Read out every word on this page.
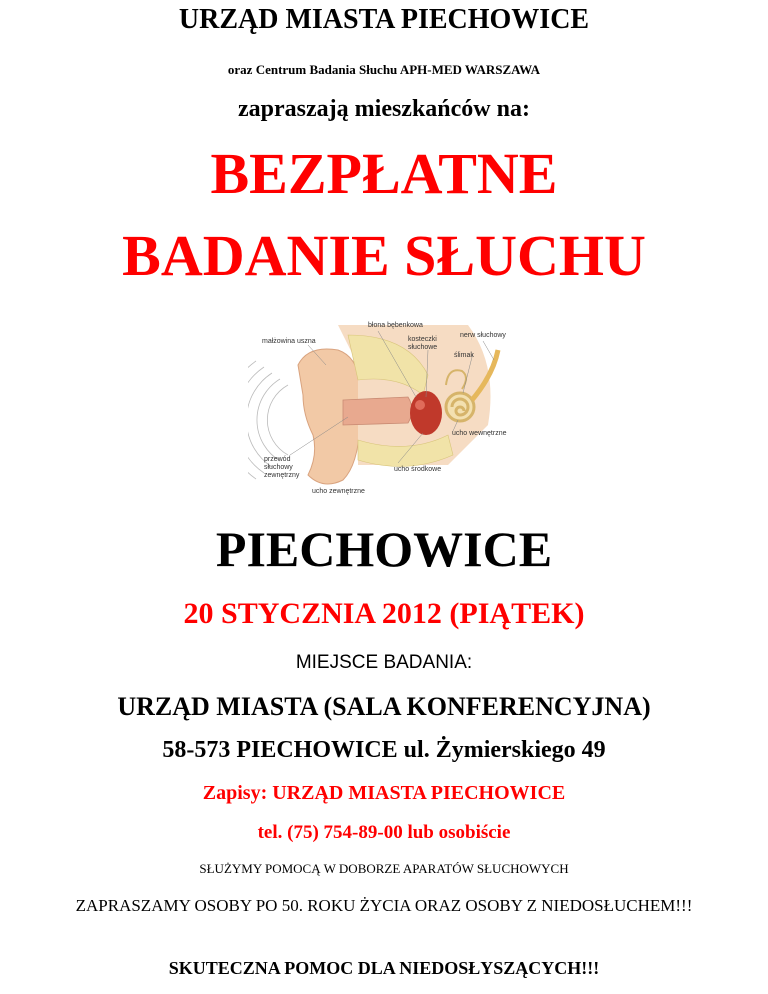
URZĄD MIASTA PIECHOWICE
oraz Centrum Badania Słuchu APH-MED WARSZAWA
zapraszają mieszkańców na:
BEZPŁATNE
BADANIE SŁUCHU
błona bębenkowa
małżowina uszna	kosteczki
słuchowe
nerw słuchowy
ślimak
ucho wewnętrzne
przewód
słuchowy
zewnętrzny
ucho środkowe
ucho zewnętrzne
PIECHOWICE
20 STYCZNIA 2012 (PIĄTEK)
MIEJSCE BADANIA:
URZĄD MIASTA (SALA KONFERENCYJNA)
58-573 PIECHOWICE ul. Żymierskiego 49
Zapisy: URZĄD MIASTA PIECHOWICE
tel. (75) 754-89-00 lub osobiście
SŁUŻYMY POMOCĄ W DOBORZE APARATÓW SŁUCHOWYCH
ZAPRASZAMY OSOBY PO 50. ROKU ŻYCIA ORAZ OSOBY Z NIEDOSŁUCHEM!!!
SKUTECZNA POMOC DLA NIEDOSŁYSZĄCYCH!!!
